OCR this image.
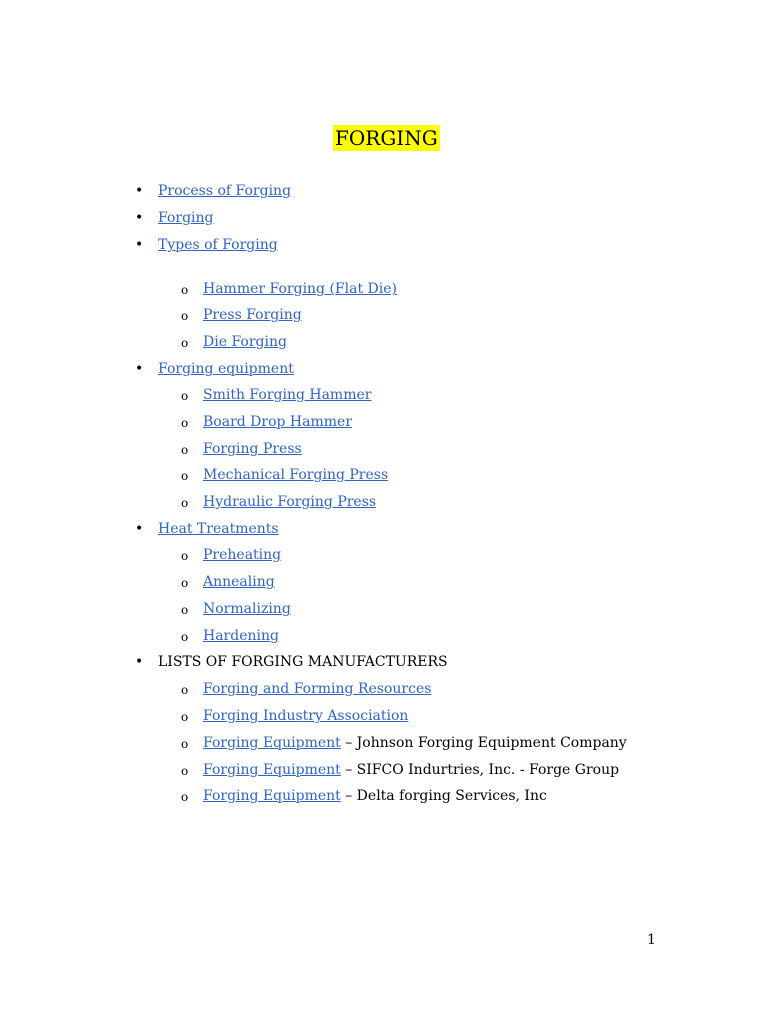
FORGING
• Process of Forging
• Forging
• Types of Forging
o Hammer Forging (Flat Die)
o Press Forging
o Die Forging
• Forging equipment
o Smith Forging Hammer
o Board Drop Hammer
o Forging Press
o Mechanical Forging Press
o Hydraulic Forging Press
• Heat Treatments
o Preheating
o Annealing
o Normalizing
o Hardening
• LISTS OF FORGING MANUFACTURERS
o Forging and Forming Resources
o Forging Industry Association
o Forging Equipment – Johnson Forging Equipment Company
o Forging Equipment – SIFCO Indurtries, Inc. - Forge Group
o Forging Equipment – Delta forging Services, Inc
1
